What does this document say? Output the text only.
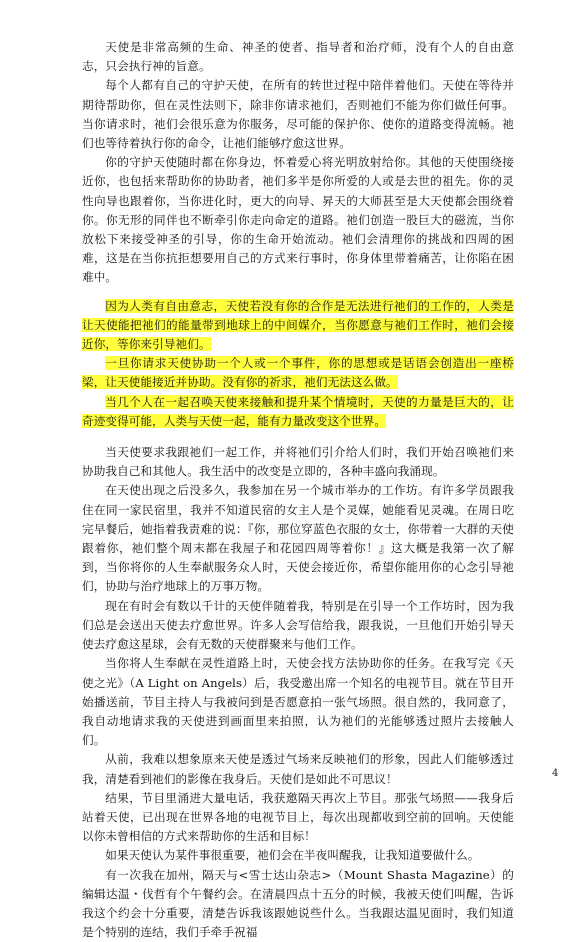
天使是非常高频的生命、神圣的使者、指导者和治疗师，没有个人的自由意志，只会执行神的旨意。

每个人都有自己的守护天使，在所有的转世过程中陪伴着他们。天使在等待并期待帮助你，但在灵性法则下，除非你请求祂们，否则祂们不能为你们做任何事。当你请求时，祂们会很乐意为你服务，尽可能的保护你、使你的道路变得流畅。祂们也等待着执行你的命令，让祂们能够疗愈这世界。

你的守护天使随时都在你身边，怀着爱心将光明放射给你。其他的天使围绕接近你，也包括来帮助你的协助者，祂们多半是你所爱的人或是去世的祖先。你的灵性向导也跟着你，当你进化时，更大的向导、昇天的大师甚至是大天使都会围绕着你。你无形的同伴也不断牵引你走向命定的道路。祂们创造一股巨大的磁流，当你放松下来接受神圣的引导，你的生命开始流动。祂们会清理你的挑战和四周的困难，这是在当你抗拒想要用自己的方式来行事时，你身体里带着痛苦，让你陷在困难中。

因为人类有自由意志，天使若没有你的合作是无法进行祂们的工作的，人类是让天使能把祂们的能量带到地球上的中间媒介，当你愿意与祂们工作时，祂们会接近你，等你来引导祂们。

一旦你请求天使协助一个人或一个事件，你的思想或是话语会创造出一座桥梁，让天使能接近并协助。没有你的祈求，祂们无法这么做。

当几个人在一起召唤天使来接触和提升某个情境时，天使的力量是巨大的，让奇迹变得可能，人类与天使一起，能有力量改变这个世界。

当天使要求我跟祂们一起工作，并将祂们引介给人们时，我们开始召唤祂们来协助我自己和其他人。我生活中的改变是立即的，各种丰盛向我涌现。

在天使出现之后没多久，我参加在另一个城市举办的工作坊。有许多学员跟我住在同一家民宿里，我并不知道民宿的女主人是个灵媒，她能看见灵魂。在周日吃完早餐后，她指着我责难的说：『你，那位穿蓝色衣服的女士，你带着一大群的天使跟着你，祂们整个周末都在我屋子和花园四周等着你！』这大概是我第一次了解到，当你将你的人生奉献服务众人时，天使会接近你，希望你能用你的心念引导祂们，协助与治疗地球上的万事万物。

现在有时会有数以千计的天使伴随着我，特别是在引导一个工作坊时，因为我们总是会送出天使去疗愈世界。许多人会写信给我，跟我说，一旦他们开始引导天使去疗愈这星球，会有无数的天使群聚来与他们工作。

当你将人生奉献在灵性道路上时，天使会找方法协助你的任务。在我写完《天使之光》（A Light on Angels）后，我受邀出席一个知名的电视节目。就在节目开始播送前，节目主持人与我被问到是否愿意拍一张气场照。很自然的，我同意了，我自动地请求我的天使进到画面里来拍照，认为祂们的光能够透过照片去接触人们。

从前，我难以想象原来天使是透过气场来反映祂们的形象，因此人们能够透过我，清楚看到祂们的影像在我身后。天使们是如此不可思议！

结果，节目里涌进大量电话，我获邀隔天再次上节目。那张气场照——我身后站着天使，已出现在世界各地的电视节目上，每次出现都收到空前的回响。天使能以你未曾相信的方式来帮助你的生活和目标！

如果天使认为某件事很重要，祂们会在半夜叫醒我，让我知道要做什么。

有一次我在加州，隔天与<雪士达山杂志>（Mount Shasta Magazine）的编辑达温・伐哲有个午餐约会。在清晨四点十五分的时候，我被天使们叫醒，告诉我这个约会十分重要，清楚告诉我该跟她说些什么。当我跟达温见面时，我们知道是个特别的连结，我们手牵手祝福

4
